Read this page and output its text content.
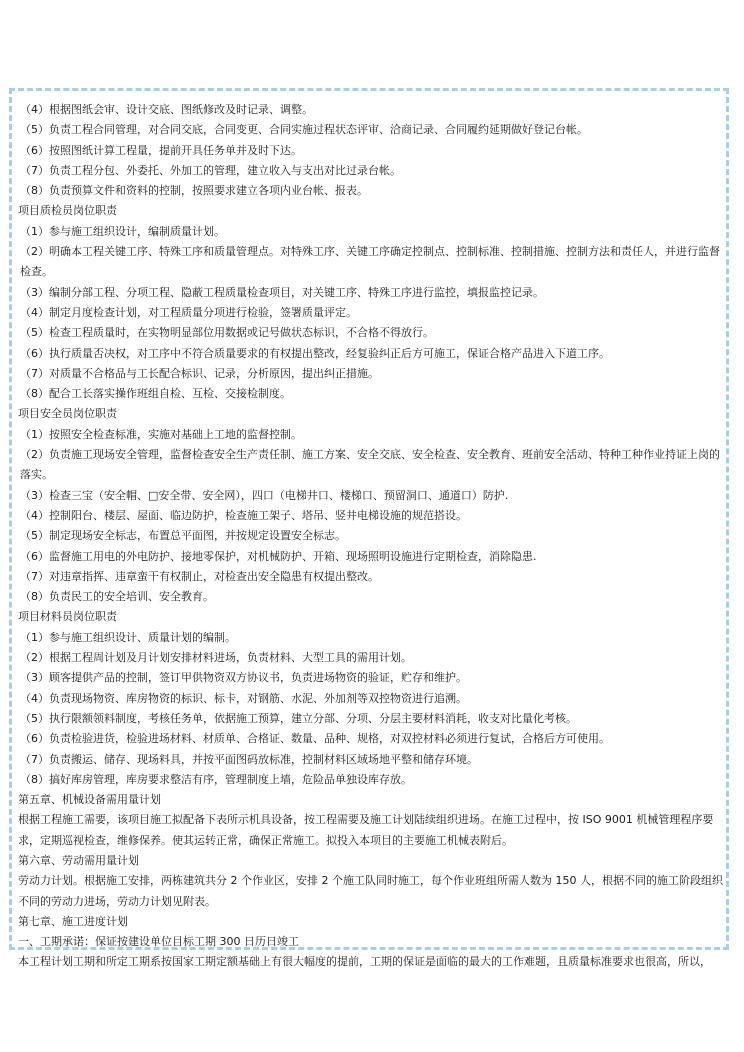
（4）根据图纸会审、设计交底、图纸修改及时记录、调整。

（5）负责工程合同管理，对合同交底，合同变更、合同实施过程状态评审、洽商记录、合同履约延期做好登记台帐。

（6）按照图纸计算工程量，提前开具任务单并及时下达。

（7）负责工程分包、外委托、外加工的管理，建立收入与支出对比过录台帐。

（8）负责预算文件和资料的控制，按照要求建立各项内业台帐、报表。

项目质检员岗位职责

（1）参与施工组织设计，编制质量计划。

（2）明确本工程关键工序、特殊工序和质量管理点。对特殊工序、关键工序确定控制点、控制标准、控制措施、控制方法和责任人，并进行监督检查。

（3）编制分部工程、分项工程、隐蔽工程质量检查项目，对关键工序、特殊工序进行监控，填报监控记录。

（4）制定月度检查计划，对工程质量分项进行检验，签署质量评定。

（5）检查工程质量时，在实物明显部位用数据或记号做状态标识，不合格不得放行。

（6）执行质量否决权，对工序中不符合质量要求的有权提出整改，经复验纠正后方可施工，保证合格产品进入下道工序。

（7）对质量不合格品与工长配合标识、记录，分析原因，提出纠正措施。

（8）配合工长落实操作班组自检、互检、交接检制度。

项目安全员岗位职责

（1）按照安全检查标准，实施对基础上工地的监督控制。

（2）负责施工现场安全管理，监督检查安全生产责任制、施工方案、安全交底、安全检查、安全教育、班前安全活动、特种工种作业持证上岗的落实。

（3）检查三宝（安全帽、□安全带、安全网），四口（电梯井口、楼梯口、预留洞口、通道口）防护.

（4）控制阳台、楼层、屋面、临边防护，检查施工架子、塔吊、竖井电梯设施的规范搭设。

（5）制定现场安全标志，布置总平面图，并按规定设置安全标志。

（6）监督施工用电的外电防护、接地零保护，对机械防护、开箱、现场照明设施进行定期检查，消除隐患.

（7）对违章指挥、违章蛮干有权制止，对检查出安全隐患有权提出整改。

（8）负责民工的安全培训、安全教育。

项目材料员岗位职责

（1）参与施工组织设计、质量计划的编制。

（2）根据工程周计划及月计划安排材料进场，负责材料、大型工具的需用计划。

（3）顾客提供产品的控制，签订甲供物资双方协议书，负责进场物资的验证，贮存和维护。

（4）负责现场物资、库房物资的标识、标卡，对钢筋、水泥、外加剂等双控物资进行追溯。

（5）执行限额领料制度，考核任务单，依据施工预算，建立分部、分项、分层主要材料消耗，收支对比量化考核。

（6）负责检验进货，检验进场材料、材质单、合格证、数量、品种、规格，对双控材料必须进行复试，合格后方可使用。

（7）负责搬运、储存、现场料具，并按平面图码放标准，控制材料区域场地平整和储存环境。

（8）搞好库房管理，库房要求整洁有序，管理制度上墙，危险品单独设库存放。

第五章、机械设备需用量计划

根据工程施工需要，该项目施工拟配备下表所示机具设备，按工程需要及施工计划陆续组织进场。在施工过程中，按 ISO 9001 机械管理程序要求，定期巡视检查，维修保养。使其运转正常，确保正常施工。拟投入本项目的主要施工机械表附后。

第六章、劳动需用量计划

劳动力计划。根据施工安排，两栋建筑共分 2 个作业区，安排 2 个施工队同时施工，每个作业班组所需人数为 150 人，根据不同的施工阶段组织不同的劳动力进场，劳动力计划见附表。

第七章、施工进度计划

一、工期承诺：保证按建设单位目标工期 300 日历日竣工

本工程计划工期和所定工期系按国家工期定额基础上有很大幅度的提前，工期的保证是面临的最大的工作难题，且质量标准要求也很高，所以，
